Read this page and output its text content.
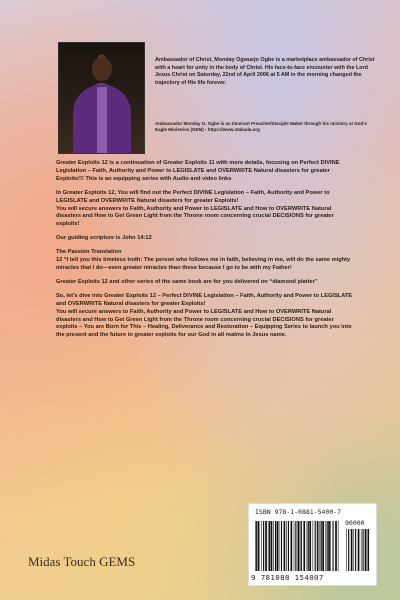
Ambassador of Christ, Monday Ogwuejo Ogbe is a marketplace ambassador of Christ with a heart for unity in the body of Christ. His face-to-face encounter with the Lord Jesus Christ on Saturday, 22nd of April 2006 at 5 AM in the morning changed the trajectory of His life forever.

Ambassador Monday O. Ogbe is an Itinerant Preacher/Disciple Maker through his ministry at God's Eagle Ministries (GEM) - https://www.otakada.org

Greater Exploits 12 is a continuation of Greater Exploits 11 with more details, focusing on Perfect DIVINE Legislation – Faith, Authority and Power to LEGISLATE and OVERWRITE Natural disasters for greater Exploits!!! This is an equipping series with Audio and video links

In Greater Exploits 12, You will find out the Perfect DIVINE Legislation – Faith, Authority and Power to LEGISLATE and OVERWRITE Natural disasters for greater Exploits!
You will secure answers to Faith, Authority and Power to LEGISLATE and How to OVERWRITE Natural disasters and How to Get Green Light from the Throne room concerning crucial DECISIONS for greater exploits!

Our guiding scripture is John 14:12

The Passion Translation
12 “I tell you this timeless truth: The person who follows me in faith, believing in me, will do the same mighty miracles that I do—even greater miracles than these because I go to be with my Father!

Greater Exploits 12 and other series of the same book are for you delivered on “diamond platter”

So, let’s dive into Greater Exploits 12 – Perfect DIVINE Legislation – Faith, Authority and Power to LEGISLATE and OVERWRITE Natural disasters for greater Exploits!
You will secure answers to Faith, Authority and Power to LEGISLATE and How to OVERWRITE Natural disasters and How to Get Green Light from the Throne room concerning crucial DECISIONS for greater exploits – You are Born for This – Healing, Deliverance and Restoration – Equipping Series to launch you into the present and the future in greater exploits for our God in all realms in Jesus name.

Midas Touch GEMS
ISBN 978-1-0881-5400-7
90000
9 781088 154007
